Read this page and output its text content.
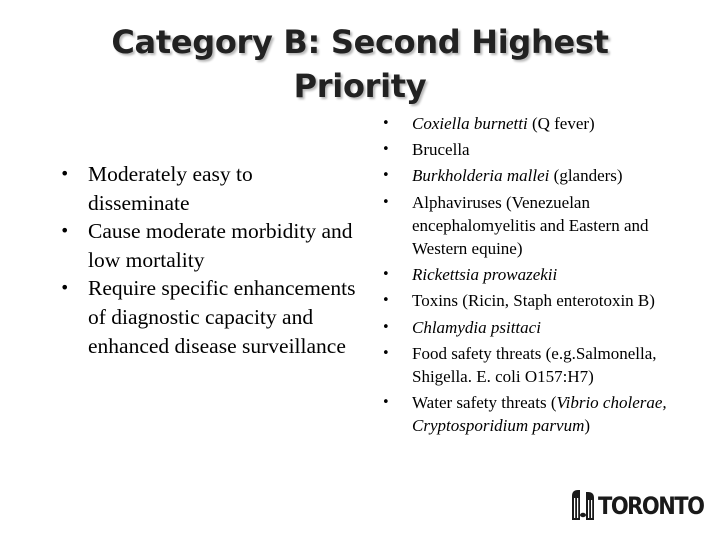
Category B: Second Highest
Priority
• Moderately easy to disseminate
• Cause moderate morbidity and low mortality
• Require specific enhancements of diagnostic capacity and enhanced disease surveillance
• Coxiella burnetti (Q fever)
• Brucella
• Burkholderia mallei (glanders)
• Alphaviruses (Venezuelan encephalomyelitis and Eastern and Western equine)
• Rickettsia prowazekii
• Toxins (Ricin, Staph enterotoxin B)
• Chlamydia psittaci
• Food safety threats (e.g.Salmonella, Shigella. E. coli O157:H7)
• Water safety threats (Vibrio cholerae, Cryptosporidium parvum)
TORONTO
